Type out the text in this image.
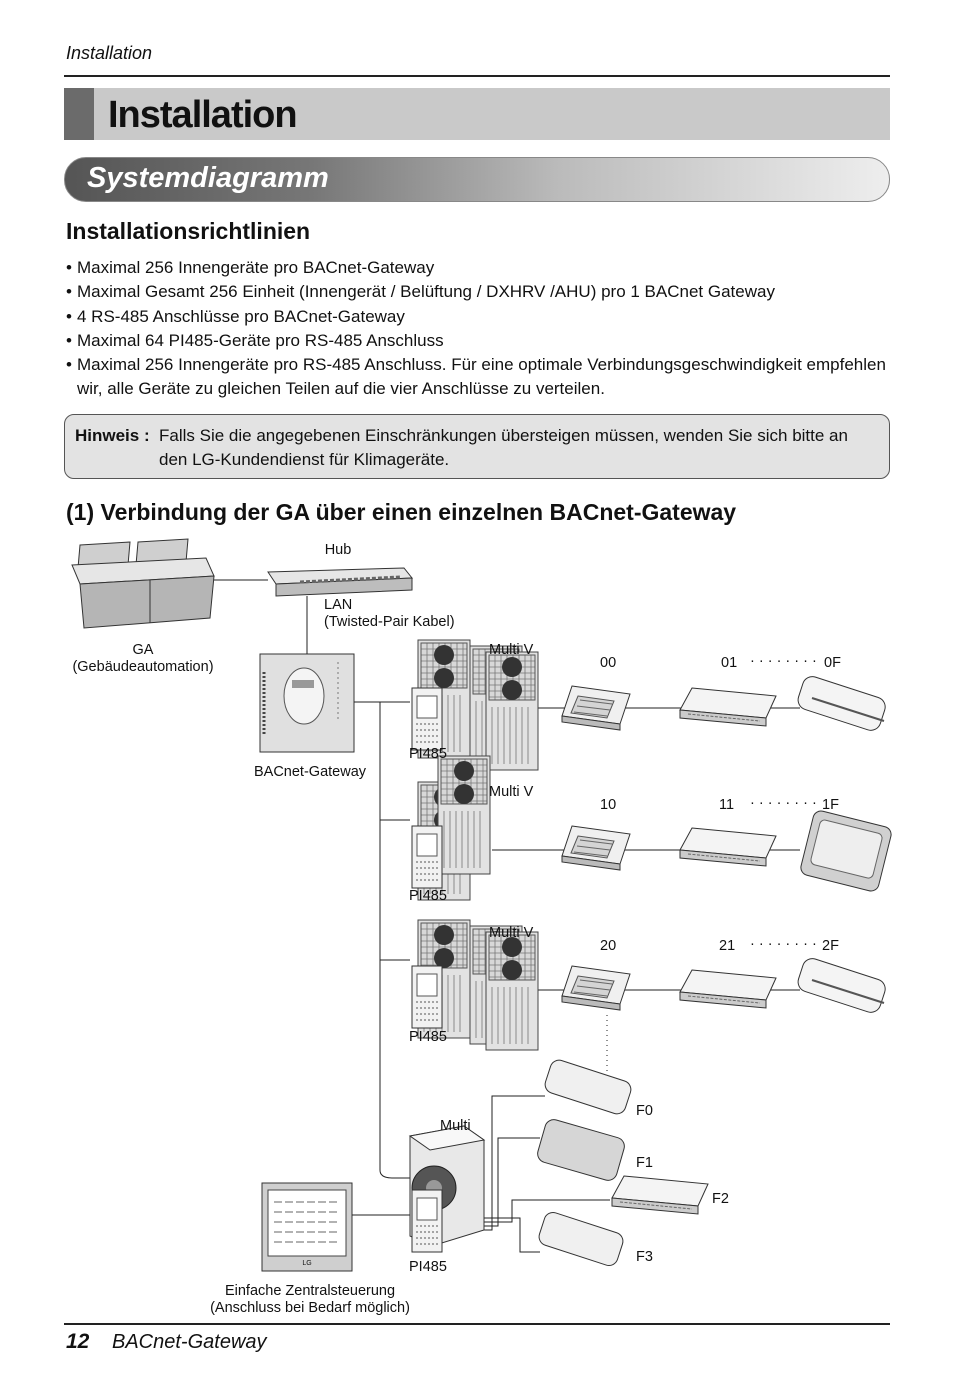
Installation
Installation
Systemdiagramm
Installationsrichtlinien
• Maximal 256 Innengeräte pro BACnet-Gateway
• Maximal Gesamt 256 Einheit (Innengerät / Belüftung / DXHRV /AHU) pro 1 BACnet Gateway
• 4 RS-485 Anschlüsse pro BACnet-Gateway
• Maximal 64 PI485-Geräte pro RS-485 Anschluss
• Maximal 256 Innengeräte pro RS-485 Anschluss. Für eine optimale Verbindungsgeschwindigkeit empfehlen wir, alle Geräte zu gleichen Teilen auf die vier Anschlüsse zu verteilen.
Hinweis : Falls Sie die angegebenen Einschränkungen übersteigen müssen, wenden Sie sich bitte an den LG-Kundendienst für Klimageräte.
(1) Verbindung der GA über einen einzelnen BACnet-Gateway
LG
Hub
LAN
(Twisted-Pair Kabel)
GA
(Gebäudeautomation)
BACnet-Gateway
Multi V
PI485
00	01 · · · · · · · · 0F
Multi V
PI485
10	11 · · · · · · · · 1F
Multi V
PI485
20	21 · · · · · · · · 2F
Multi
PI485
F0
F1
F2
F3
Einfache Zentralsteuerung
(Anschluss bei Bedarf möglich)
12 BACnet-Gateway
